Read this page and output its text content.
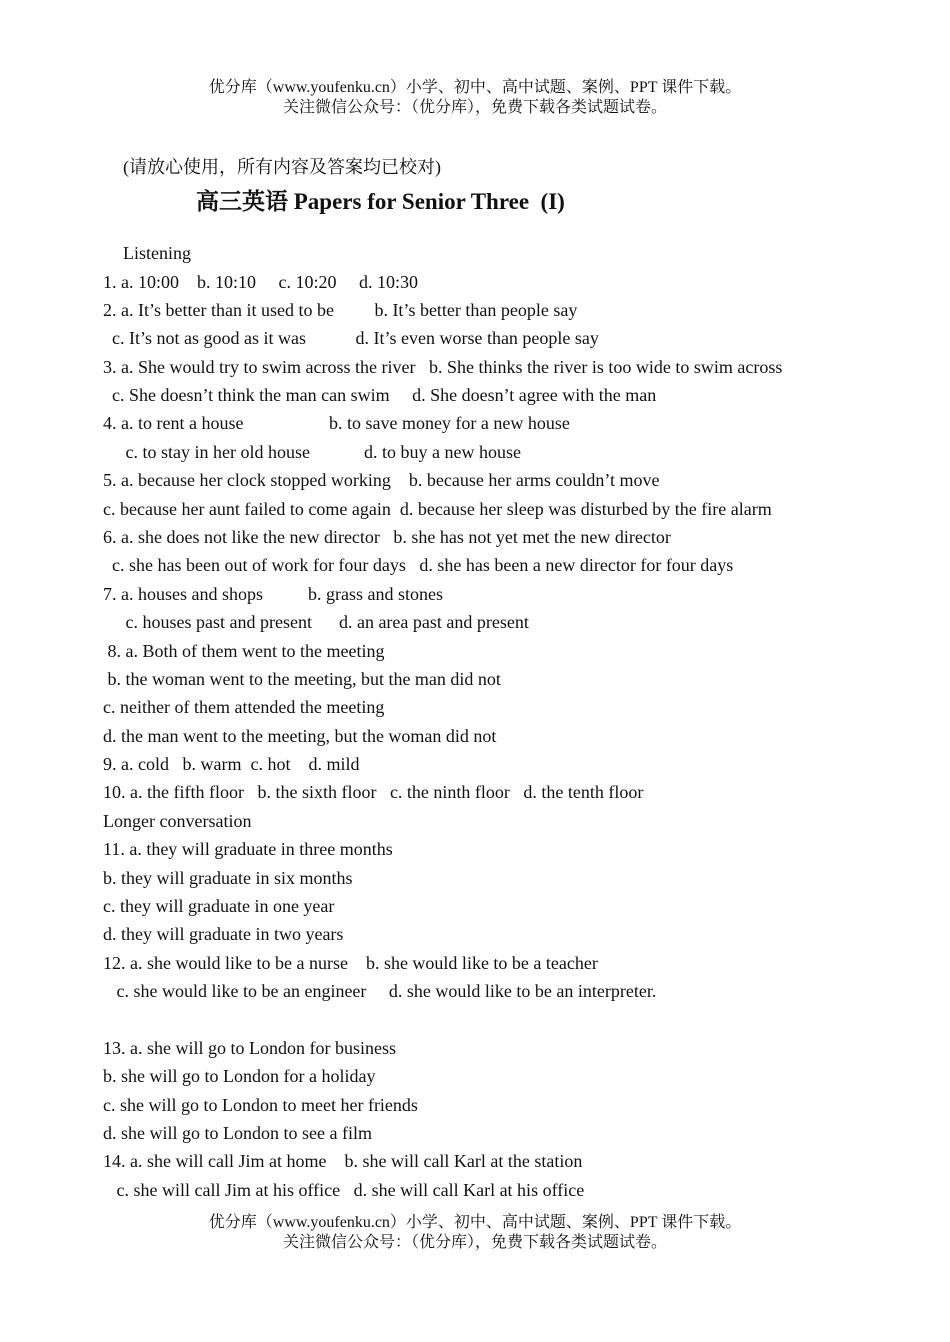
优分库（www.youfenku.cn）小学、初中、高中试题、案例、PPT 课件下载。
关注微信公众号：（优分库），免费下载各类试题试卷。
(请放心使用，所有内容及答案均已校对)
高三英语 Papers for Senior Three  (I)
Listening
1. a. 10:00    b. 10:10     c. 10:20     d. 10:30
2. a. It’s better than it used to be         b. It’s better than people say
c. It’s not as good as it was           d. It’s even worse than people say
3. a. She would try to swim across the river   b. She thinks the river is too wide to swim across
c. She doesn’t think the man can swim     d. She doesn’t agree with the man
4. a. to rent a house                   b. to save money for a new house
c. to stay in her old house            d. to buy a new house
5. a. because her clock stopped working    b. because her arms couldn’t move
c. because her aunt failed to come again  d. because her sleep was disturbed by the fire alarm
6. a. she does not like the new director   b. she has not yet met the new director
c. she has been out of work for four days   d. she has been a new director for four days
7. a. houses and shops          b. grass and stones
c. houses past and present      d. an area past and present
8. a. Both of them went to the meeting
b. the woman went to the meeting, but the man did not
c. neither of them attended the meeting
d. the man went to the meeting, but the woman did not
9. a. cold   b. warm  c. hot    d. mild
10. a. the fifth floor   b. the sixth floor   c. the ninth floor   d. the tenth floor
Longer conversation
11. a. they will graduate in three months
b. they will graduate in six months
c. they will graduate in one year
d. they will graduate in two years
12. a. she would like to be a nurse    b. she would like to be a teacher
c. she would like to be an engineer     d. she would like to be an interpreter.
13. a. she will go to London for business
b. she will go to London for a holiday
c. she will go to London to meet her friends
d. she will go to London to see a film
14. a. she will call Jim at home    b. she will call Karl at the station
c. she will call Jim at his office   d. she will call Karl at his office
优分库（www.youfenku.cn）小学、初中、高中试题、案例、PPT 课件下载。
关注微信公众号：（优分库），免费下载各类试题试卷。
